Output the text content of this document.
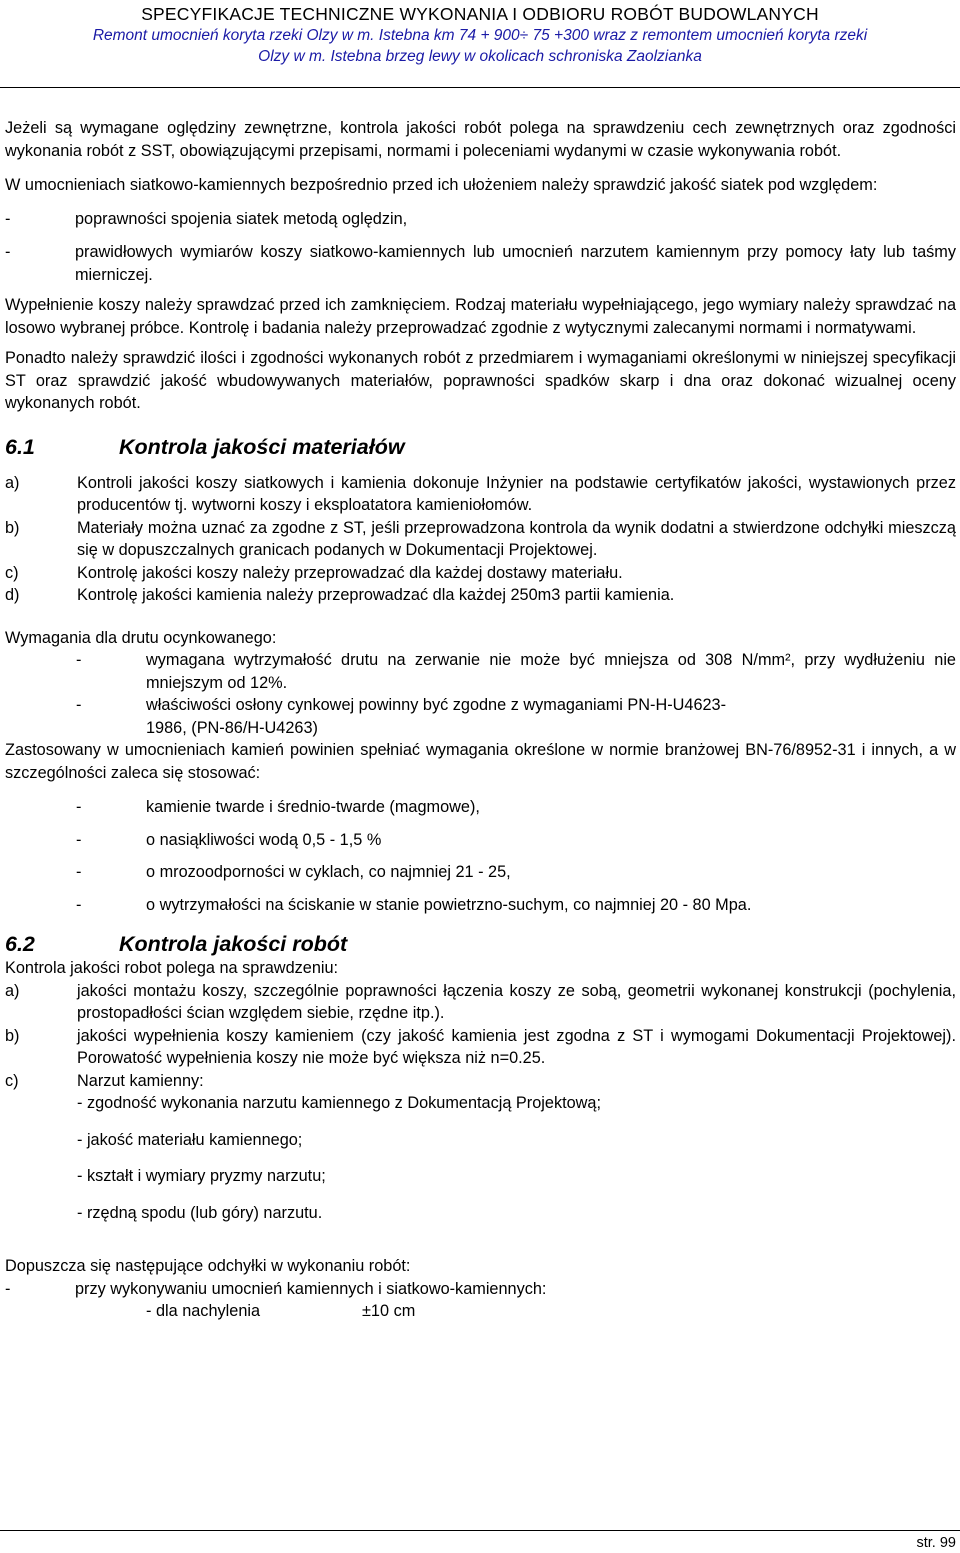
SPECYFIKACJE TECHNICZNE WYKONANIA I ODBIORU ROBÓT BUDOWLANYCH
Remont umocnień koryta rzeki Olzy w m. Istebna km 74 + 900÷ 75 +300 wraz z remontem umocnień koryta rzeki
Olzy w m. Istebna brzeg lewy w okolicach schroniska Zaolzianka

Jeżeli są wymagane oględziny zewnętrzne, kontrola jakości robót polega na sprawdzeniu cech zewnętrznych oraz zgodności wykonania robót z SST, obowiązującymi przepisami, normami i poleceniami wydanymi w czasie wykonywania robót.

W umocnieniach siatkowo-kamiennych bezpośrednio przed ich ułożeniem należy sprawdzić jakość siatek pod względem:

-	poprawności spojenia siatek metodą oględzin,
-	prawidłowych wymiarów koszy siatkowo-kamiennych lub umocnień narzutem kamiennym przy pomocy łaty lub taśmy mierniczej.

Wypełnienie koszy należy sprawdzać przed ich zamknięciem. Rodzaj materiału wypełniającego, jego wymiary należy sprawdzać na losowo wybranej próbce. Kontrolę i badania należy przeprowadzać zgodnie z wytycznymi zalecanymi normami i normatywami.

Ponadto należy sprawdzić ilości i zgodności wykonanych robót z przedmiarem i wymaganiami określonymi w niniejszej specyfikacji ST oraz sprawdzić jakość wbudowywanych materiałów, poprawności spadków skarp i dna oraz dokonać wizualnej oceny wykonanych robót.

6.1	Kontrola jakości materiałów
a)	Kontroli jakości koszy siatkowych i kamienia dokonuje Inżynier na podstawie certyfikatów jakości, wystawionych przez producentów tj. wytworni koszy i eksploatatora kamieniołomów.
b)	Materiały można uznać za zgodne z ST, jeśli przeprowadzona kontrola da wynik dodatni a stwierdzone odchyłki mieszczą się w dopuszczalnych granicach podanych w Dokumentacji Projektowej.
c)	Kontrolę jakości koszy należy przeprowadzać dla każdej dostawy materiału.
d)	Kontrolę jakości kamienia należy przeprowadzać dla każdej 250m3 partii kamienia.

Wymagania dla drutu ocynkowanego:

-	wymagana wytrzymałość drutu na zerwanie nie może być mniejsza od 308 N/mm², przy wydłużeniu nie mniejszym od 12%.
-	właściwości osłony cynkowej powinny być zgodne z wymaganiami PN-H-U4623-
1986, (PN-86/H-U4263)

Zastosowany w umocnieniach kamień powinien spełniać wymagania określone w normie branżowej BN-76/8952-31 i innych, a w szczególności zaleca się stosować:

-	kamienie twarde i średnio-twarde (magmowe),
-	o nasiąkliwości wodą 0,5 - 1,5 %
-	o mrozoodporności w cyklach, co najmniej 21 - 25,
-	o wytrzymałości na ściskanie w stanie powietrzno-suchym, co najmniej 20 - 80 Mpa.
6.2	Kontrola jakości robót

Kontrola jakości robot polega na sprawdzeniu:

a)	jakości montażu koszy, szczególnie poprawności łączenia koszy ze sobą, geometrii wykonanej konstrukcji (pochylenia, prostopadłości ścian względem siebie, rzędne itp.).
b)	jakości wypełnienia koszy kamieniem (czy jakość kamienia jest zgodna z ST i wymogami Dokumentacji Projektowej). Porowatość wypełnienia koszy nie może być większa niż n=0.25.
c)	Narzut kamienny:

- zgodność wykonania narzutu kamiennego z Dokumentacją Projektową;

- jakość materiału kamiennego;

- kształt i wymiary pryzmy narzutu;

- rzędną spodu (lub góry) narzutu.

Dopuszcza się następujące odchyłki w wykonaniu robót:

-	przy wykonywaniu umocnień kamiennych i siatkowo-kamiennych:
- dla nachylenia	±10 cm
str. 99
